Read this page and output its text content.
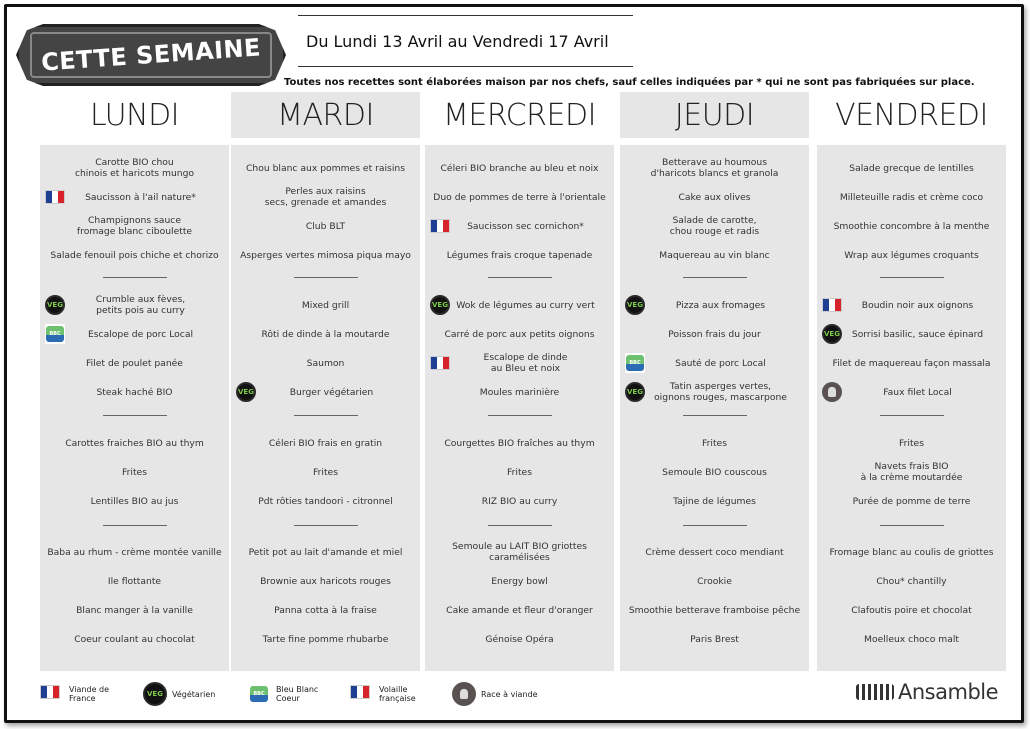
CETTE SEMAINE	Du Lundi 13 Avril au Vendredi 17 Avril
Toutes nos recettes sont élaborées maison par nos chefs, sauf celles indiquées par * qui ne sont pas fabriquées sur place.
LUNDI
Carotte BIO chou
chinois et haricots mungo
Saucisson à l'ail nature*
Champignons sauce
fromage blanc ciboulette
Salade fenouil pois chiche et chorizo
VEG	Crumble aux fèves,
petits pois au curry
BBC	Escalope de porc Local
Filet de poulet panée
Steak haché BIO
Carottes fraiches BIO au thym
Frites
Lentilles BIO au jus
Baba au rhum - crème montée vanille
Ile flottante
Blanc manger à la vanille
Coeur coulant au chocolat
MARDI
Chou blanc aux pommes et raisins
Perles aux raisins
secs, grenade et amandes
Club BLT
Asperges vertes mimosa piqua mayo
Mixed grill
Rôti de dinde à la moutarde
Saumon
VEG	Burger végétarien
Céleri BIO frais en gratin
Frites
Pdt rôties tandoori - citronnel
Petit pot au lait d'amande et miel
Brownie aux haricots rouges
Panna cotta à la fraise
Tarte fine pomme rhubarbe
MERCREDI
Céleri BIO branche au bleu et noix
Duo de pommes de terre à l'orientale
Saucisson sec cornichon*
Légumes frais croque tapenade
VEG Wok de légumes au curry vert
Carré de porc aux petits oignons
Escalope de dinde
au Bleu et noix
Moules marinière
Courgettes BIO fraîches au thym
Frites
RIZ BIO au curry
Semoule au LAIT BIO griottes
caramélisées
Energy bowl
Cake amande et fleur d'oranger
Génoise Opéra
JEUDI
Betterave au houmous
d'haricots blancs et granola
Cake aux olives
Salade de carotte,
chou rouge et radis
Maquereau au vin blanc
VEG	Pizza aux fromages
Poisson frais du jour
BBC	Sauté de porc Local
VEG	Tatin asperges vertes,
oignons rouges, mascarpone
Frites
Semoule BIO couscous
Tajine de légumes
Crème dessert coco mendiant
Crookie
Smoothie betterave framboise pêche
Paris Brest
VENDREDI
Salade grecque de lentilles
Milleteuille radis et crème coco
Smoothie concombre à la menthe
Wrap aux légumes croquants
Boudin noir aux oignons
VEG	Sorrisi basilic, sauce épinard
Filet de maquereau façon massala
Faux filet Local
Frites
Navets frais BIO
à la crème moutardée
Purée de pomme de terre
Fromage blanc au coulis de griottes
Chou* chantilly
Clafoutis poire et chocolat
Moelleux choco malt
Viande de
France	VEG Végétarien	BBC	Bleu Blanc
Coeur
Volaille
française	Race à viande	Ansamble
